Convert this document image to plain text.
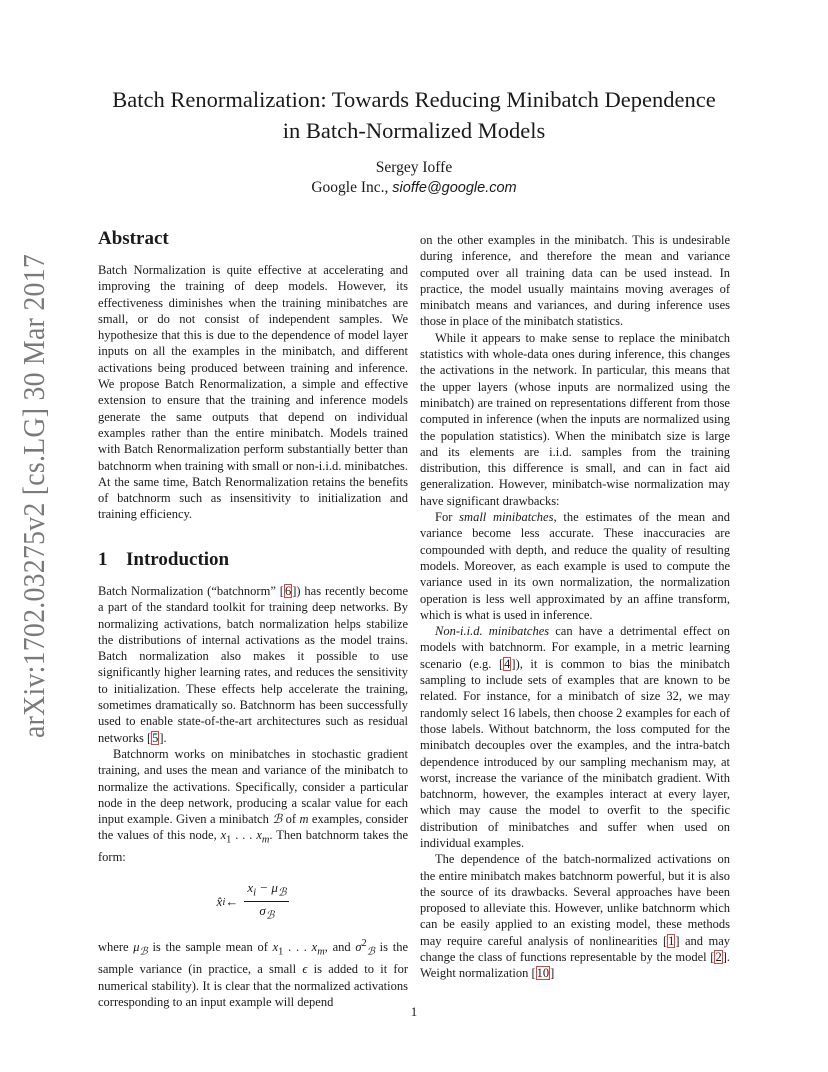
arXiv:1702.03275v2 [cs.LG] 30 Mar 2017
Batch Renormalization: Towards Reducing Minibatch Dependence
in Batch-Normalized Models
Sergey Ioffe
Google Inc., sioffe@google.com
Abstract

Batch Normalization is quite effective at accelerating and improving the training of deep models. However, its effectiveness diminishes when the training minibatches are small, or do not consist of independent samples. We hypothesize that this is due to the dependence of model layer inputs on all the examples in the minibatch, and different activations being produced between training and inference. We propose Batch Renormalization, a simple and effective extension to ensure that the training and inference models generate the same outputs that depend on individual examples rather than the entire minibatch. Models trained with Batch Renormalization perform substantially better than batchnorm when training with small or non-i.i.d. minibatches. At the same time, Batch Renormalization retains the benefits of batchnorm such as insensitivity to initialization and training efficiency.

1 Introduction

Batch Normalization (“batchnorm” [6]) has recently become a part of the standard toolkit for training deep networks. By normalizing activations, batch normalization helps stabilize the distributions of internal activations as the model trains. Batch normalization also makes it possible to use significantly higher learning rates, and reduces the sensitivity to initialization. These effects help accelerate the training, sometimes dramatically so. Batchnorm has been successfully used to enable state-of-the-art architectures such as residual networks [5].

Batchnorm works on minibatches in stochastic gradient training, and uses the mean and variance of the minibatch to normalize the activations. Specifically, consider a particular node in the deep network, producing a scalar value for each input example. Given a minibatch ℬ of m examples, consider the values of this node, $x_1$ . . . $x_m$. Then batchnorm takes the form:

x̂ i ← $\frac{x_i - \mu_ℬ}{\sigma_ℬ}$

where $\mu_ℬ$ is the sample mean of $x_1$ . . . $x_m$, and $\sigma^2_ℬ$ is the sample variance (in practice, a small ϵ is added to it for numerical stability). It is clear that the normalized activations corresponding to an input example will depend

on the other examples in the minibatch. This is undesirable during inference, and therefore the mean and variance computed over all training data can be used instead. In practice, the model usually maintains moving averages of minibatch means and variances, and during inference uses those in place of the minibatch statistics.

While it appears to make sense to replace the minibatch statistics with whole-data ones during inference, this changes the activations in the network. In particular, this means that the upper layers (whose inputs are normalized using the minibatch) are trained on representations different from those computed in inference (when the inputs are normalized using the population statistics). When the minibatch size is large and its elements are i.i.d. samples from the training distribution, this difference is small, and can in fact aid generalization. However, minibatch-wise normalization may have significant drawbacks:

For small minibatches, the estimates of the mean and variance become less accurate. These inaccuracies are compounded with depth, and reduce the quality of resulting models. Moreover, as each example is used to compute the variance used in its own normalization, the normalization operation is less well approximated by an affine transform, which is what is used in inference.

Non-i.i.d. minibatches can have a detrimental effect on models with batchnorm. For example, in a metric learning scenario (e.g. [4]), it is common to bias the minibatch sampling to include sets of examples that are known to be related. For instance, for a minibatch of size 32, we may randomly select 16 labels, then choose 2 examples for each of those labels. Without batchnorm, the loss computed for the minibatch decouples over the examples, and the intra-batch dependence introduced by our sampling mechanism may, at worst, increase the variance of the minibatch gradient. With batchnorm, however, the examples interact at every layer, which may cause the model to overfit to the specific distribution of minibatches and suffer when used on individual examples.

The dependence of the batch-normalized activations on the entire minibatch makes batchnorm powerful, but it is also the source of its drawbacks. Several approaches have been proposed to alleviate this. However, unlike batchnorm which can be easily applied to an existing model, these methods may require careful analysis of nonlinearities [1] and may change the class of functions representable by the model [2]. Weight normalization [10]

1
